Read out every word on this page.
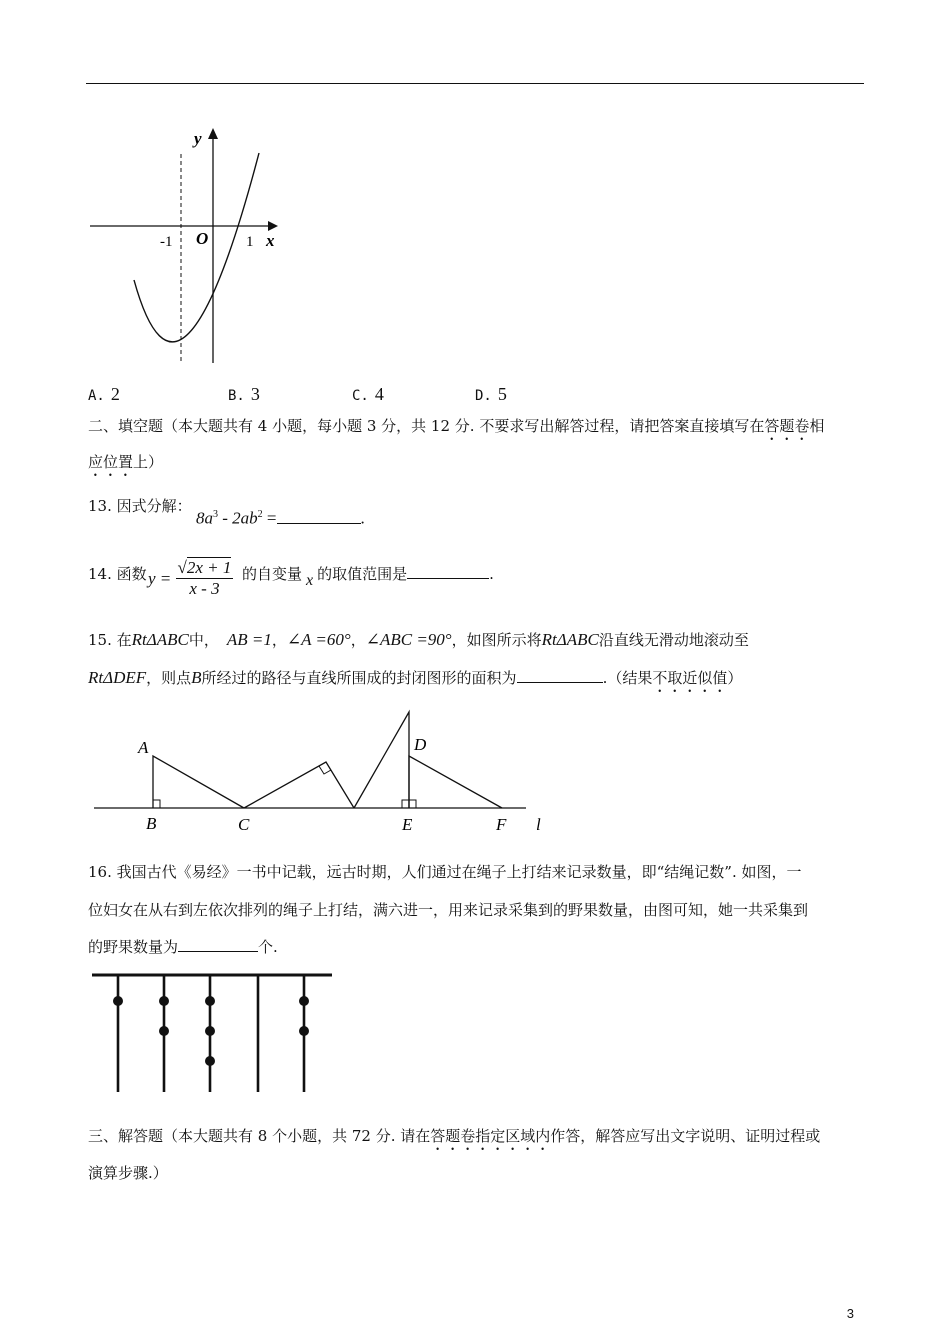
y
x
O
-1	1
A. 2	B. 3	C. 4	D. 5
二、填空题（本大题共有 4 小题，每小题 3 分，共 12 分. 不要求写出解答过程，请把答案直接填写在答题卷相
应位置上）
13. 因式分解：
$8a^3 - 2ab^2$ =	.
14. 函数 $y = \frac{√2x + 1}{x - 3}$ 的自变量 x 的取值范围是	.
15. 在RtΔABC中， AB =1，∠A =60°，∠ABC =90°，如图所示将RtΔABC沿直线无滑动地滚动至
RtΔDEF，则点B所经过的路径与直线所围成的封闭图形的面积为	.（结果不取近似值）
A
B	C
D
E	F l
16. 我国古代《易经》一书中记载，远古时期，人们通过在绳子上打结来记录数量，即“结绳记数”. 如图，一
位妇女在从右到左依次排列的绳子上打结，满六进一，用来记录采集到的野果数量，由图可知，她一共采集到
的野果数量为	个.
三、解答题（本大题共有 8 个小题，共 72 分. 请在答题卷指定区域内作答，解答应写出文字说明、证明过程或
演算步骤.）
3
